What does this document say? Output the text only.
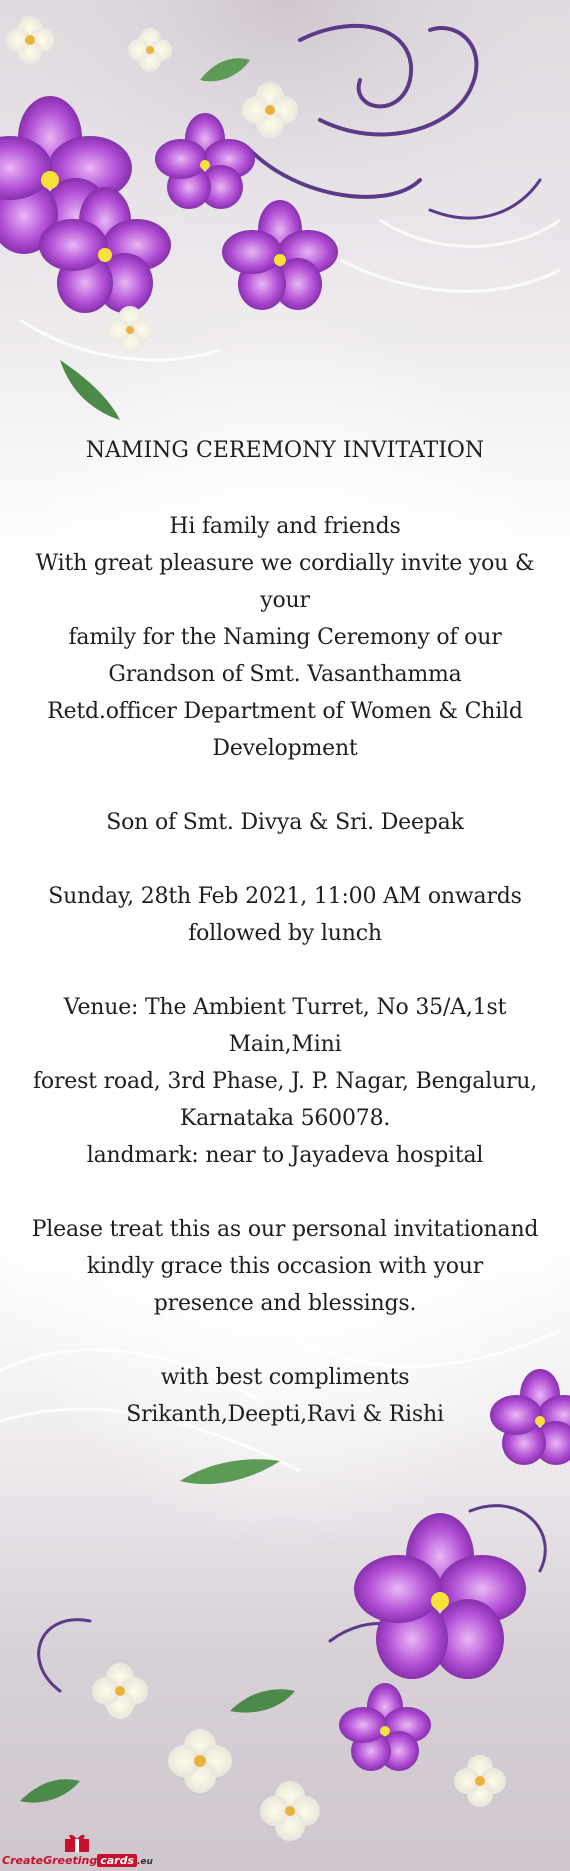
NAMING CEREMONY INVITATION
Hi family and friends
With great pleasure we cordially invite you & your
family for the Naming Ceremony of our
Grandson of Smt. Vasanthamma
Retd.officer Department of Women & Child
Development
Son of Smt. Divya & Sri. Deepak
Sunday, 28th Feb 2021, 11:00 AM onwards
followed by lunch
Venue: The Ambient Turret, No 35/A,1st Main,Mini
forest road, 3rd Phase, J. P. Nagar, Bengaluru,
Karnataka 560078.
landmark: near to Jayadeva hospital
Please treat this as our personal invitationand
kindly grace this occasion with your
presence and blessings.
with best compliments
Srikanth,Deepti,Ravi & Rishi
CreateGreeting cards .eu
